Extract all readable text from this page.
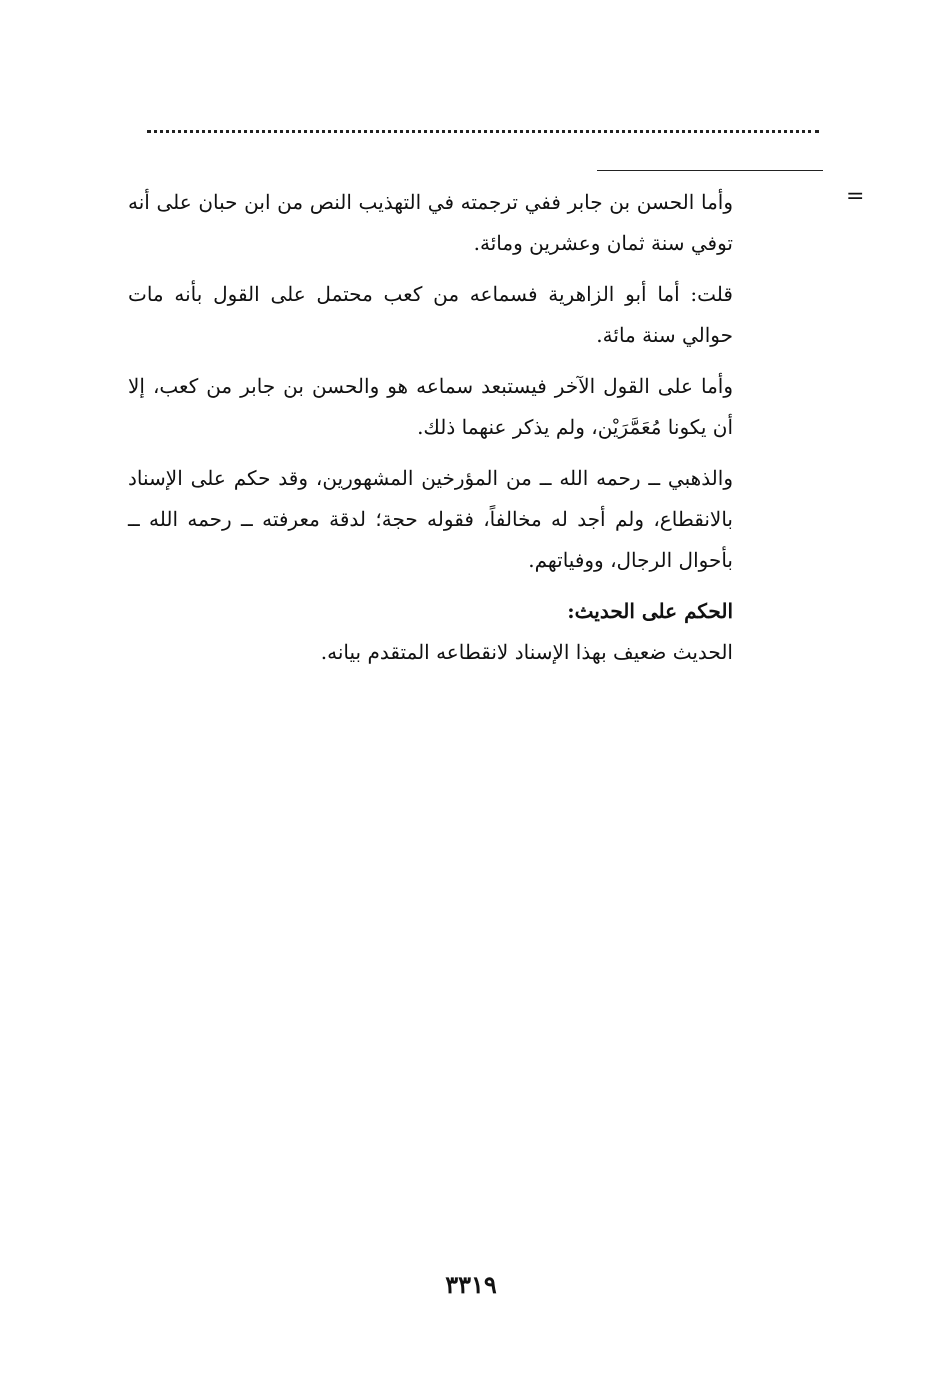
=

وأما الحسن بن جابر ففي ترجمته في التهذيب النص من ابن حبان على أنه توفي سنة ثمان وعشرين ومائة.

قلت: أما أبو الزاهرية فسماعه من كعب محتمل على القول بأنه مات حوالي سنة مائة.

وأما على القول الآخر فيستبعد سماعه هو والحسن بن جابر من كعب، إلا أن يكونا مُعَمَّرَيْن، ولم يذكر عنهما ذلك.

والذهبي ــ رحمه الله ــ من المؤرخين المشهورين، وقد حكم على الإسناد بالانقطاع، ولم أجد له مخالفاً، فقوله حجة؛ لدقة معرفته ــ رحمه الله ــ بأحوال الرجال، ووفياتهم.

الحكم على الحديث:
الحديث ضعيف بهذا الإسناد لانقطاعه المتقدم بيانه.
٣٣١٩
